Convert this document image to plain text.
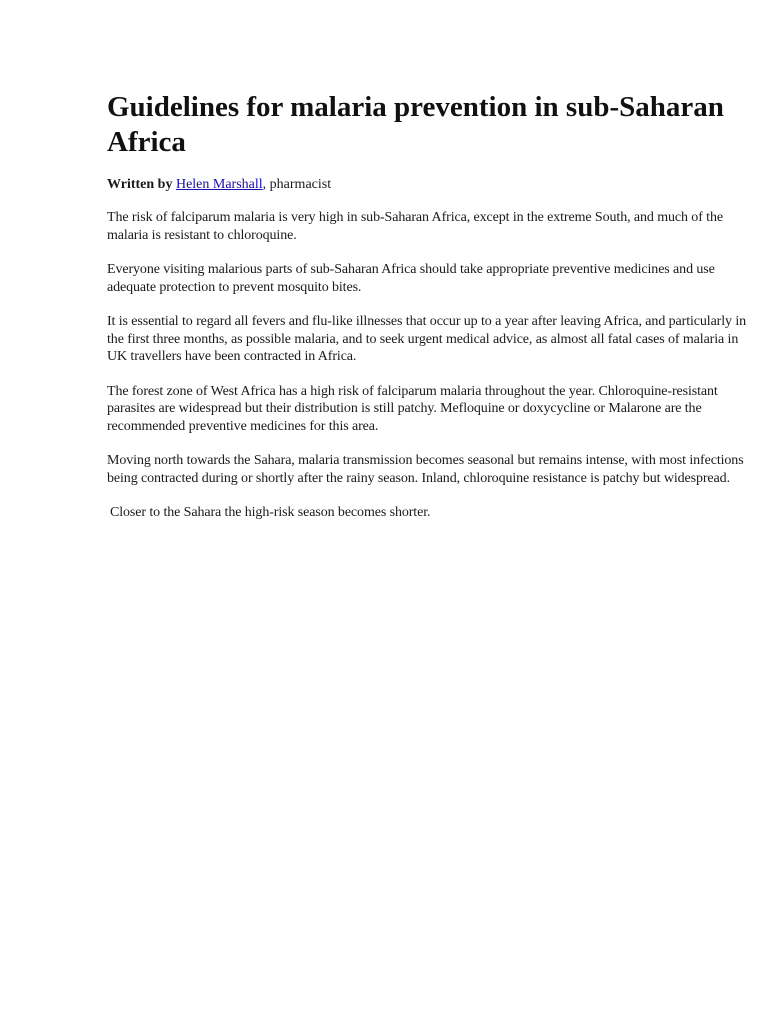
Guidelines for malaria prevention in sub-Saharan Africa

Written by Helen Marshall, pharmacist

The risk of falciparum malaria is very high in sub-Saharan Africa, except in the extreme South, and much of the malaria is resistant to chloroquine.

Everyone visiting malarious parts of sub-Saharan Africa should take appropriate preventive medicines and use adequate protection to prevent mosquito bites.

It is essential to regard all fevers and flu-like illnesses that occur up to a year after leaving Africa, and particularly in the first three months, as possible malaria, and to seek urgent medical advice, as almost all fatal cases of malaria in UK travellers have been contracted in Africa.

The forest zone of West Africa has a high risk of falciparum malaria throughout the year. Chloroquine-resistant parasites are widespread but their distribution is still patchy. Mefloquine or doxycycline or Malarone are the recommended preventive medicines for this area.

Moving north towards the Sahara, malaria transmission becomes seasonal but remains intense, with most infections being contracted during or shortly after the rainy season. Inland, chloroquine resistance is patchy but widespread.

Closer to the Sahara the high-risk season becomes shorter.
